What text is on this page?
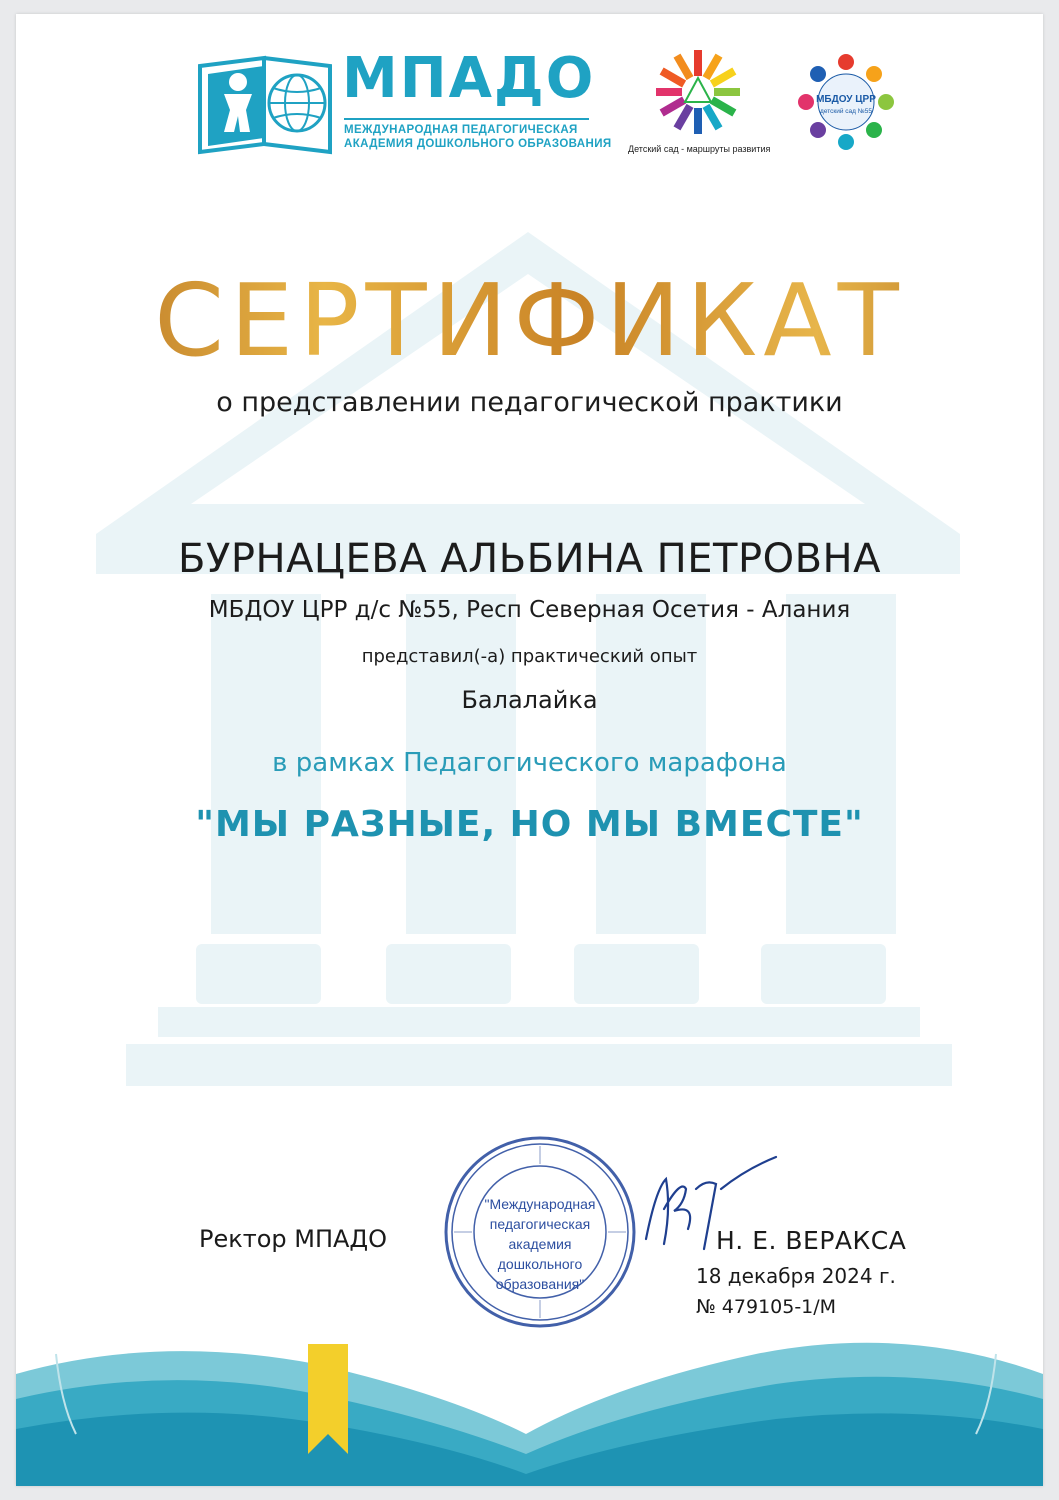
МПАДО
МЕЖДУНАРОДНАЯ ПЕДАГОГИЧЕСКАЯ
АКАДЕМИЯ ДОШКОЛЬНОГО ОБРАЗОВАНИЯ Детский сад - маршруты развития
МБДОУ ЦРР
детский сад №55
СЕРТИФИКАТ
о представлении педагогической практики
БУРНАЦЕВА АЛЬБИНА ПЕТРОВНА
МБДОУ ЦРР д/с №55, Респ Северная Осетия - Алания
представил(-а) практический опыт
Балалайка
в рамках Педагогического марафона
"МЫ РАЗНЫЕ, НО МЫ ВМЕСТЕ"
Ректор МПАДО
"Международная педагогическая академия дошкольного образования"
Н. Е. ВЕРАКСА
18 декабря 2024 г.
№ 479105-1/М
